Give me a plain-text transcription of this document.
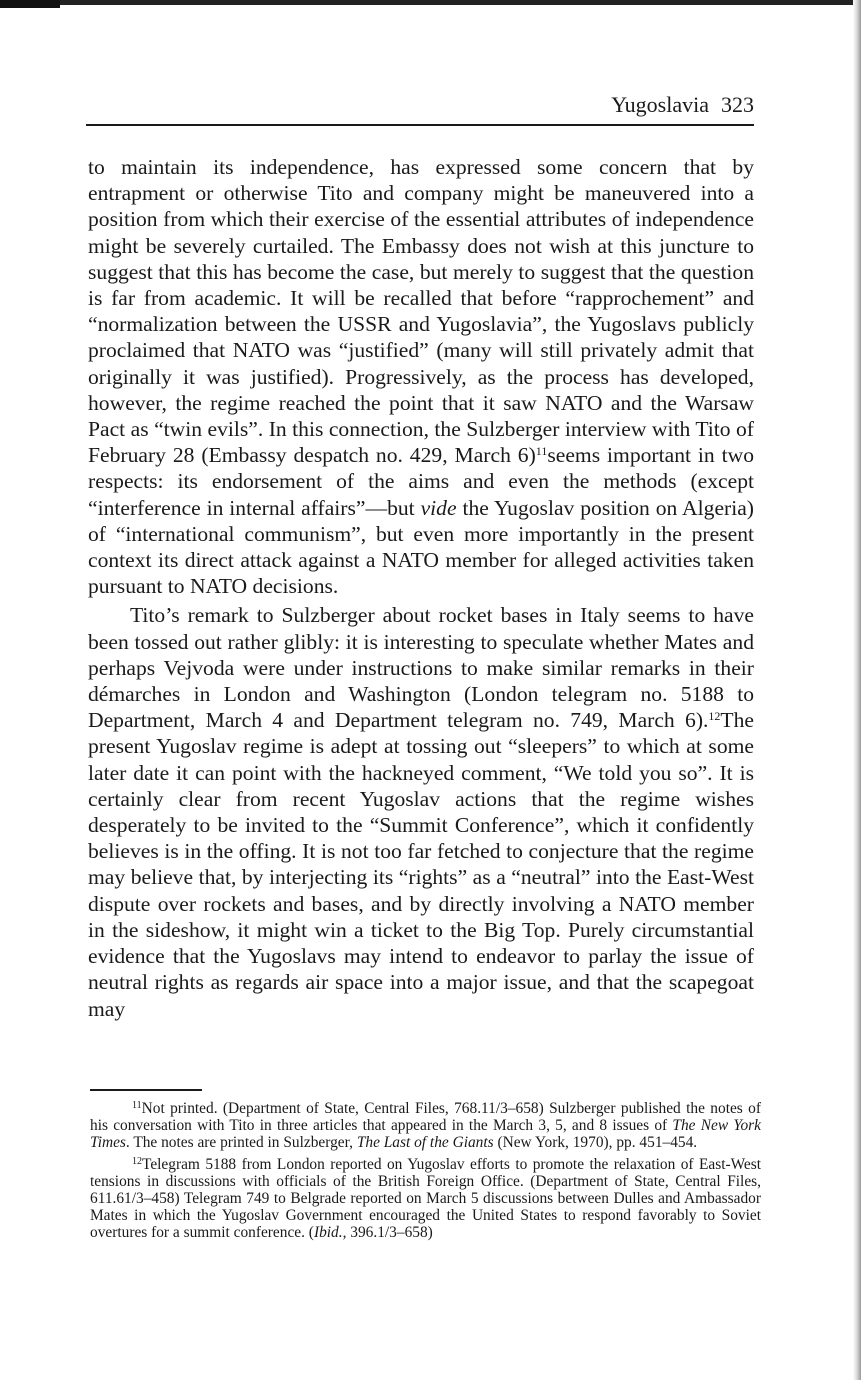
Yugoslavia 323

to maintain its independence, has expressed some concern that by entrapment or otherwise Tito and company might be maneuvered into a position from which their exercise of the essential attributes of independence might be severely curtailed. The Embassy does not wish at this juncture to suggest that this has become the case, but merely to suggest that the question is far from academic. It will be recalled that before “rapprochement” and “normalization between the USSR and Yugoslavia”, the Yugoslavs publicly proclaimed that NATO was “justified” (many will still privately admit that originally it was justified). Progressively, as the process has developed, however, the regime reached the point that it saw NATO and the Warsaw Pact as “twin evils”. In this connection, the Sulzberger interview with Tito of February 28 (Embassy despatch no. 429, March 6)$^{11}$seems important in two respects: its endorsement of the aims and even the methods (except “interference in internal affairs”—but vide the Yugoslav position on Algeria) of “international communism”, but even more importantly in the present context its direct attack against a NATO member for alleged activities taken pursuant to NATO decisions.

Tito’s remark to Sulzberger about rocket bases in Italy seems to have been tossed out rather glibly: it is interesting to speculate whether Mates and perhaps Vejvoda were under instructions to make similar remarks in their démarches in London and Washington (London telegram no. 5188 to Department, March 4 and Department telegram no. 749, March 6).$^{12}$The present Yugoslav regime is adept at tossing out “sleepers” to which at some later date it can point with the hackneyed comment, “We told you so”. It is certainly clear from recent Yugoslav actions that the regime wishes desperately to be invited to the “Summit Conference”, which it confidently believes is in the offing. It is not too far fetched to conjecture that the regime may believe that, by interjecting its “rights” as a “neutral” into the East-West dispute over rockets and bases, and by directly involving a NATO member in the sideshow, it might win a ticket to the Big Top. Purely circumstantial evidence that the Yugoslavs may intend to endeavor to parlay the issue of neutral rights as regards air space into a major issue, and that the scapegoat may

$^{11}$Not printed. (Department of State, Central Files, 768.11/3–658) Sulzberger published the notes of his conversation with Tito in three articles that appeared in the March 3, 5, and 8 issues of The New York Times. The notes are printed in Sulzberger, The Last of the Giants (New York, 1970), pp. 451–454.

$^{12}$Telegram 5188 from London reported on Yugoslav efforts to promote the relaxation of East-West tensions in discussions with officials of the British Foreign Office. (Department of State, Central Files, 611.61/3–458) Telegram 749 to Belgrade reported on March 5 discussions between Dulles and Ambassador Mates in which the Yugoslav Government encouraged the United States to respond favorably to Soviet overtures for a summit conference. (Ibid., 396.1/3–658)
